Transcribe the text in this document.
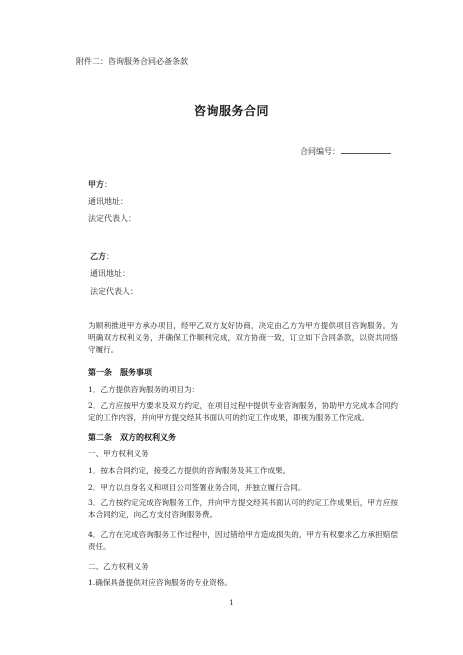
附件二：咨询服务合同必备条款
咨询服务合同
合同编号：
甲方：
通讯地址：
法定代表人：
乙方：
通讯地址：
法定代表人：
为顺利推进甲方承办项目，经甲乙双方友好协商，决定由乙方为甲方提供项目咨询服务。为明确双方权利义务，并确保工作顺利完成，双方协商一致，订立如下合同条款，以资共同恪守履行。
第一条 服务事项
1．乙方提供咨询服务的项目为：
2．乙方应按甲方要求及双方约定，在项目过程中提供专业咨询服务，协助甲方完成本合同约定的工作内容，并向甲方提交经其书面认可的约定工作成果，即视为服务工作完成。
第二条 双方的权利义务
一、甲方权利义务
1．按本合同约定，接受乙方提供的咨询服务及其工作成果。
2．甲方以自身名义和项目公司签署业务合同，并独立履行合同。
3．乙方按约定完成咨询服务工作，并向甲方提交经其书面认可的约定工作成果后，甲方应按本合同约定，向乙方支付咨询服务费。
4．乙方在完成咨询服务工作过程中，因过错给甲方造成损失的，甲方有权要求乙方承担赔偿责任。
二、乙方权利义务
1.确保具备提供对应咨询服务的专业资格。
1
